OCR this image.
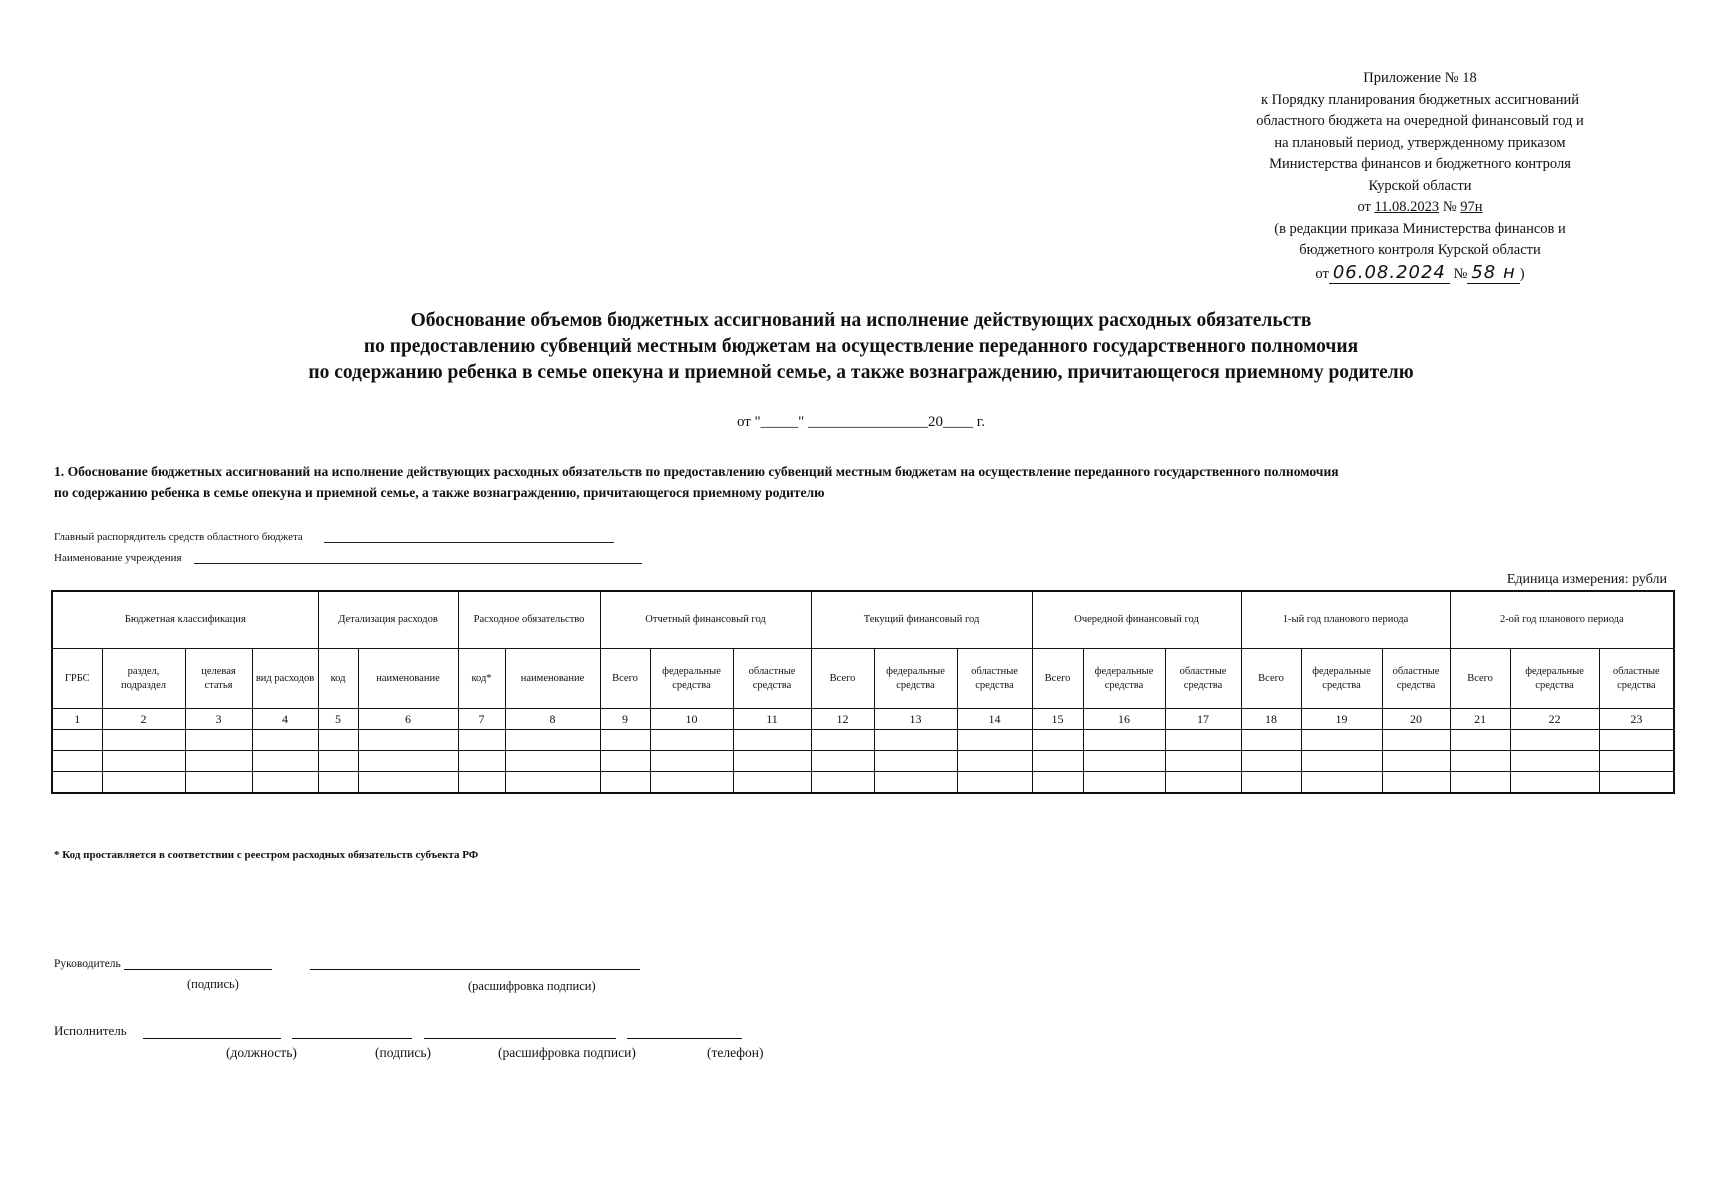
Приложение № 18
к Порядку планирования бюджетных ассигнований
областного бюджета на очередной финансовый год и
на плановый период, утвержденному приказом
Министерства финансов и бюджетного контроля
Курской области
от 11.08.2023 № 97н
(в редакции приказа Министерства финансов и
бюджетного контроля Курской области
от 06.08.2024 № 58 н )
Обоснование объемов бюджетных ассигнований на исполнение действующих расходных обязательств
по предоставлению субвенций местным бюджетам на осуществление переданного государственного полномочия
по содержанию ребенка в семье опекуна и приемной семье, а также вознаграждению, причитающегося приемному родителю
от "_____" ________________20____ г.
1. Обоснование бюджетных ассигнований на исполнение действующих расходных обязательств по предоставлению субвенций местным бюджетам на осуществление переданного государственного полномочия
по содержанию ребенка в семье опекуна и приемной семье, а также вознаграждению, причитающегося приемному родителю
Главный распорядитель средств областного бюджета
Наименование учреждения
Единица измерения: рубли
Бюджетная классификация				Детализация расходов		Расходное обязательство		Отчетный финансовый год			Текущий финансовый год			Очередной финансовый год			1-ый год планового периода			2-ой год планового периода		
ГРБС	раздел, подраздел	целевая статья	вид расходов	код	наименование	код*	наименование	Всего	федеральные средства	областные средства	Всего	федеральные средства	областные средства	Всего	федеральные средства	областные средства	Всего	федеральные средства	областные средства	Всего	федеральные средства	областные средства
1	2	3	4	5	6	7	8	9	10	11	12	13	14	15	16	17	18	19	20	21	22	23

* Код проставляется в соответствии с реестром расходных обязательств субъекта РФ
Руководитель
(подпись)	(расшифровка подписи)
Исполнитель
(должность)	(подпись)	(расшифровка подписи)	(телефон)
